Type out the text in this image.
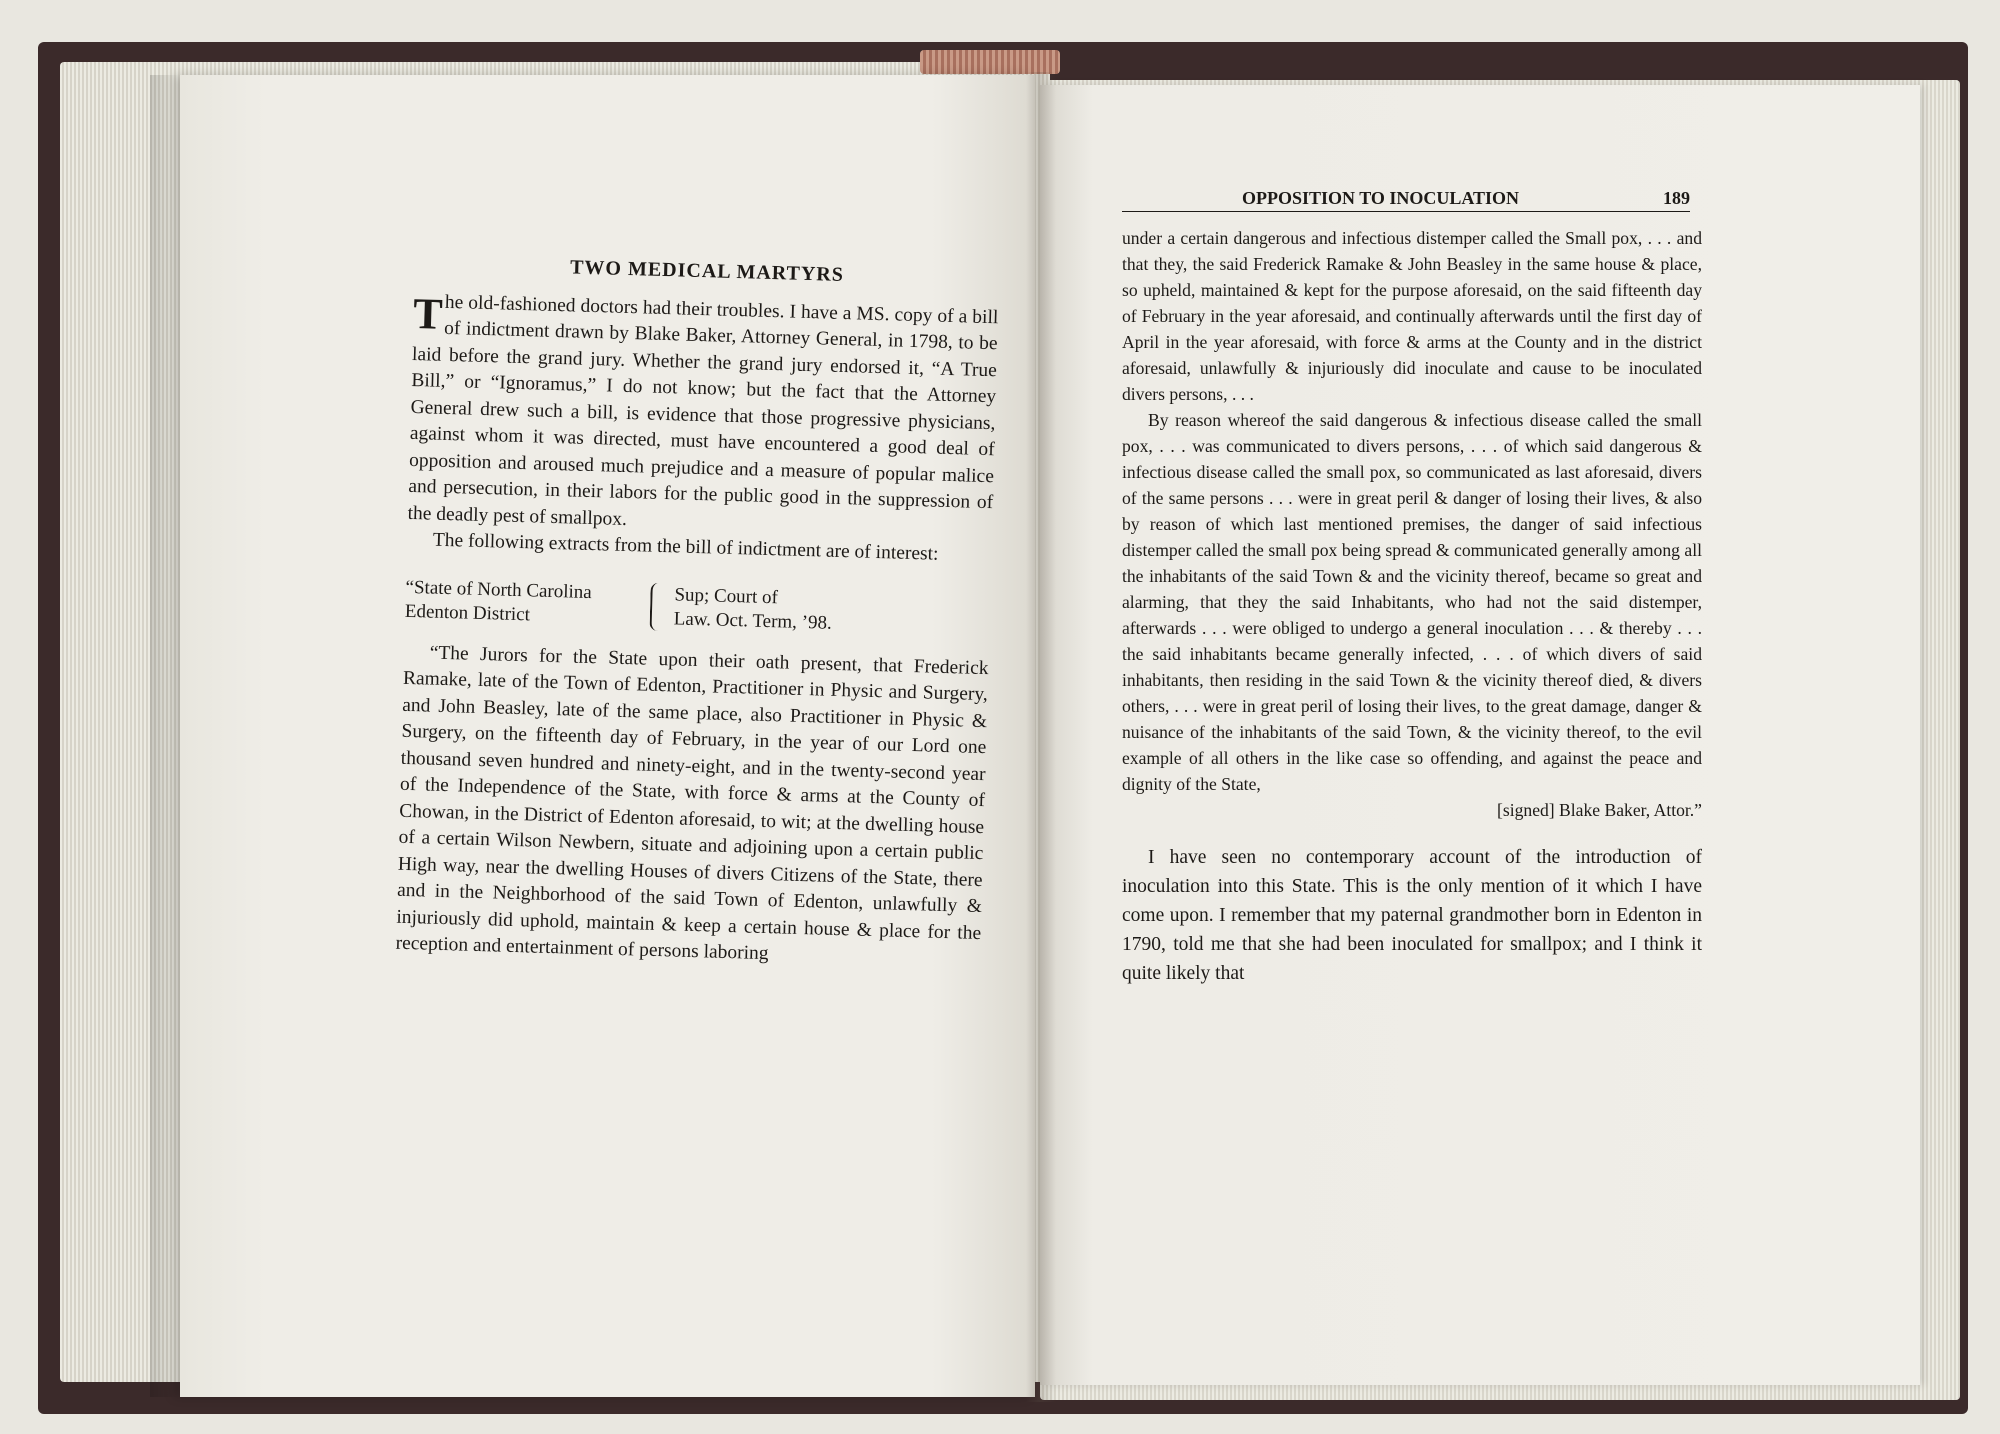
TWO MEDICAL MARTYRS

The old-fashioned doctors had their troubles. I have a MS. copy of a bill of indictment drawn by Blake Baker, Attorney General, in 1798, to be laid before the grand jury. Whether the grand jury endorsed it, “A True Bill,” or “Ignoramus,” I do not know; but the fact that the Attorney General drew such a bill, is evidence that those progressive physicians, against whom it was directed, must have encountered a good deal of opposition and aroused much prejudice and a measure of popular malice and persecution, in their labors for the public good in the suppression of the deadly pest of smallpox.

The following extracts from the bill of indictment are of interest:

“State of North Carolina
Edenton District
Sup; Court of
Law. Oct. Term, ’98.

“The Jurors for the State upon their oath present, that Frederick Ramake, late of the Town of Edenton, Practitioner in Physic and Surgery, and John Beasley, late of the same place, also Practitioner in Physic & Surgery, on the fifteenth day of February, in the year of our Lord one thousand seven hundred and ninety-eight, and in the twenty-second year of the Independence of the State, with force & arms at the County of Chowan, in the District of Edenton aforesaid, to wit; at the dwelling house of a certain Wilson Newbern, situate and adjoining upon a certain public High way, near the dwelling Houses of divers Citizens of the State, there and in the Neighborhood of the said Town of Edenton, unlawfully & injuriously did uphold, maintain & keep a certain house & place for the reception and entertainment of persons laboring

OPPOSITION TO INOCULATION	189

under a certain dangerous and infectious distemper called the Small pox, . . . and that they, the said Frederick Ramake & John Beasley in the same house & place, so upheld, maintained & kept for the purpose aforesaid, on the said fifteenth day of February in the year aforesaid, and continually afterwards until the first day of April in the year aforesaid, with force & arms at the County and in the district aforesaid, unlawfully & injuriously did inoculate and cause to be inoculated divers persons, . . .

By reason whereof the said dangerous & infectious disease called the small pox, . . . was communicated to divers persons, . . . of which said dangerous & infectious disease called the small pox, so communicated as last aforesaid, divers of the same persons . . . were in great peril & danger of losing their lives, & also by reason of which last mentioned premises, the danger of said infectious distemper called the small pox being spread & communicated generally among all the inhabitants of the said Town & and the vicinity thereof, became so great and alarming, that they the said Inhabitants, who had not the said distemper, afterwards . . . were obliged to undergo a general inoculation . . . & thereby . . . the said inhabitants became generally infected, . . . of which divers of said inhabitants, then residing in the said Town & the vicinity thereof died, & divers others, . . . were in great peril of losing their lives, to the great damage, danger & nuisance of the inhabitants of the said Town, & the vicinity thereof, to the evil example of all others in the like case so offending, and against the peace and dignity of the State,

[signed] Blake Baker, Attor.”

I have seen no contemporary account of the introduction of inoculation into this State. This is the only mention of it which I have come upon. I remember that my paternal grandmother born in Edenton in 1790, told me that she had been inoculated for smallpox; and I think it quite likely that
